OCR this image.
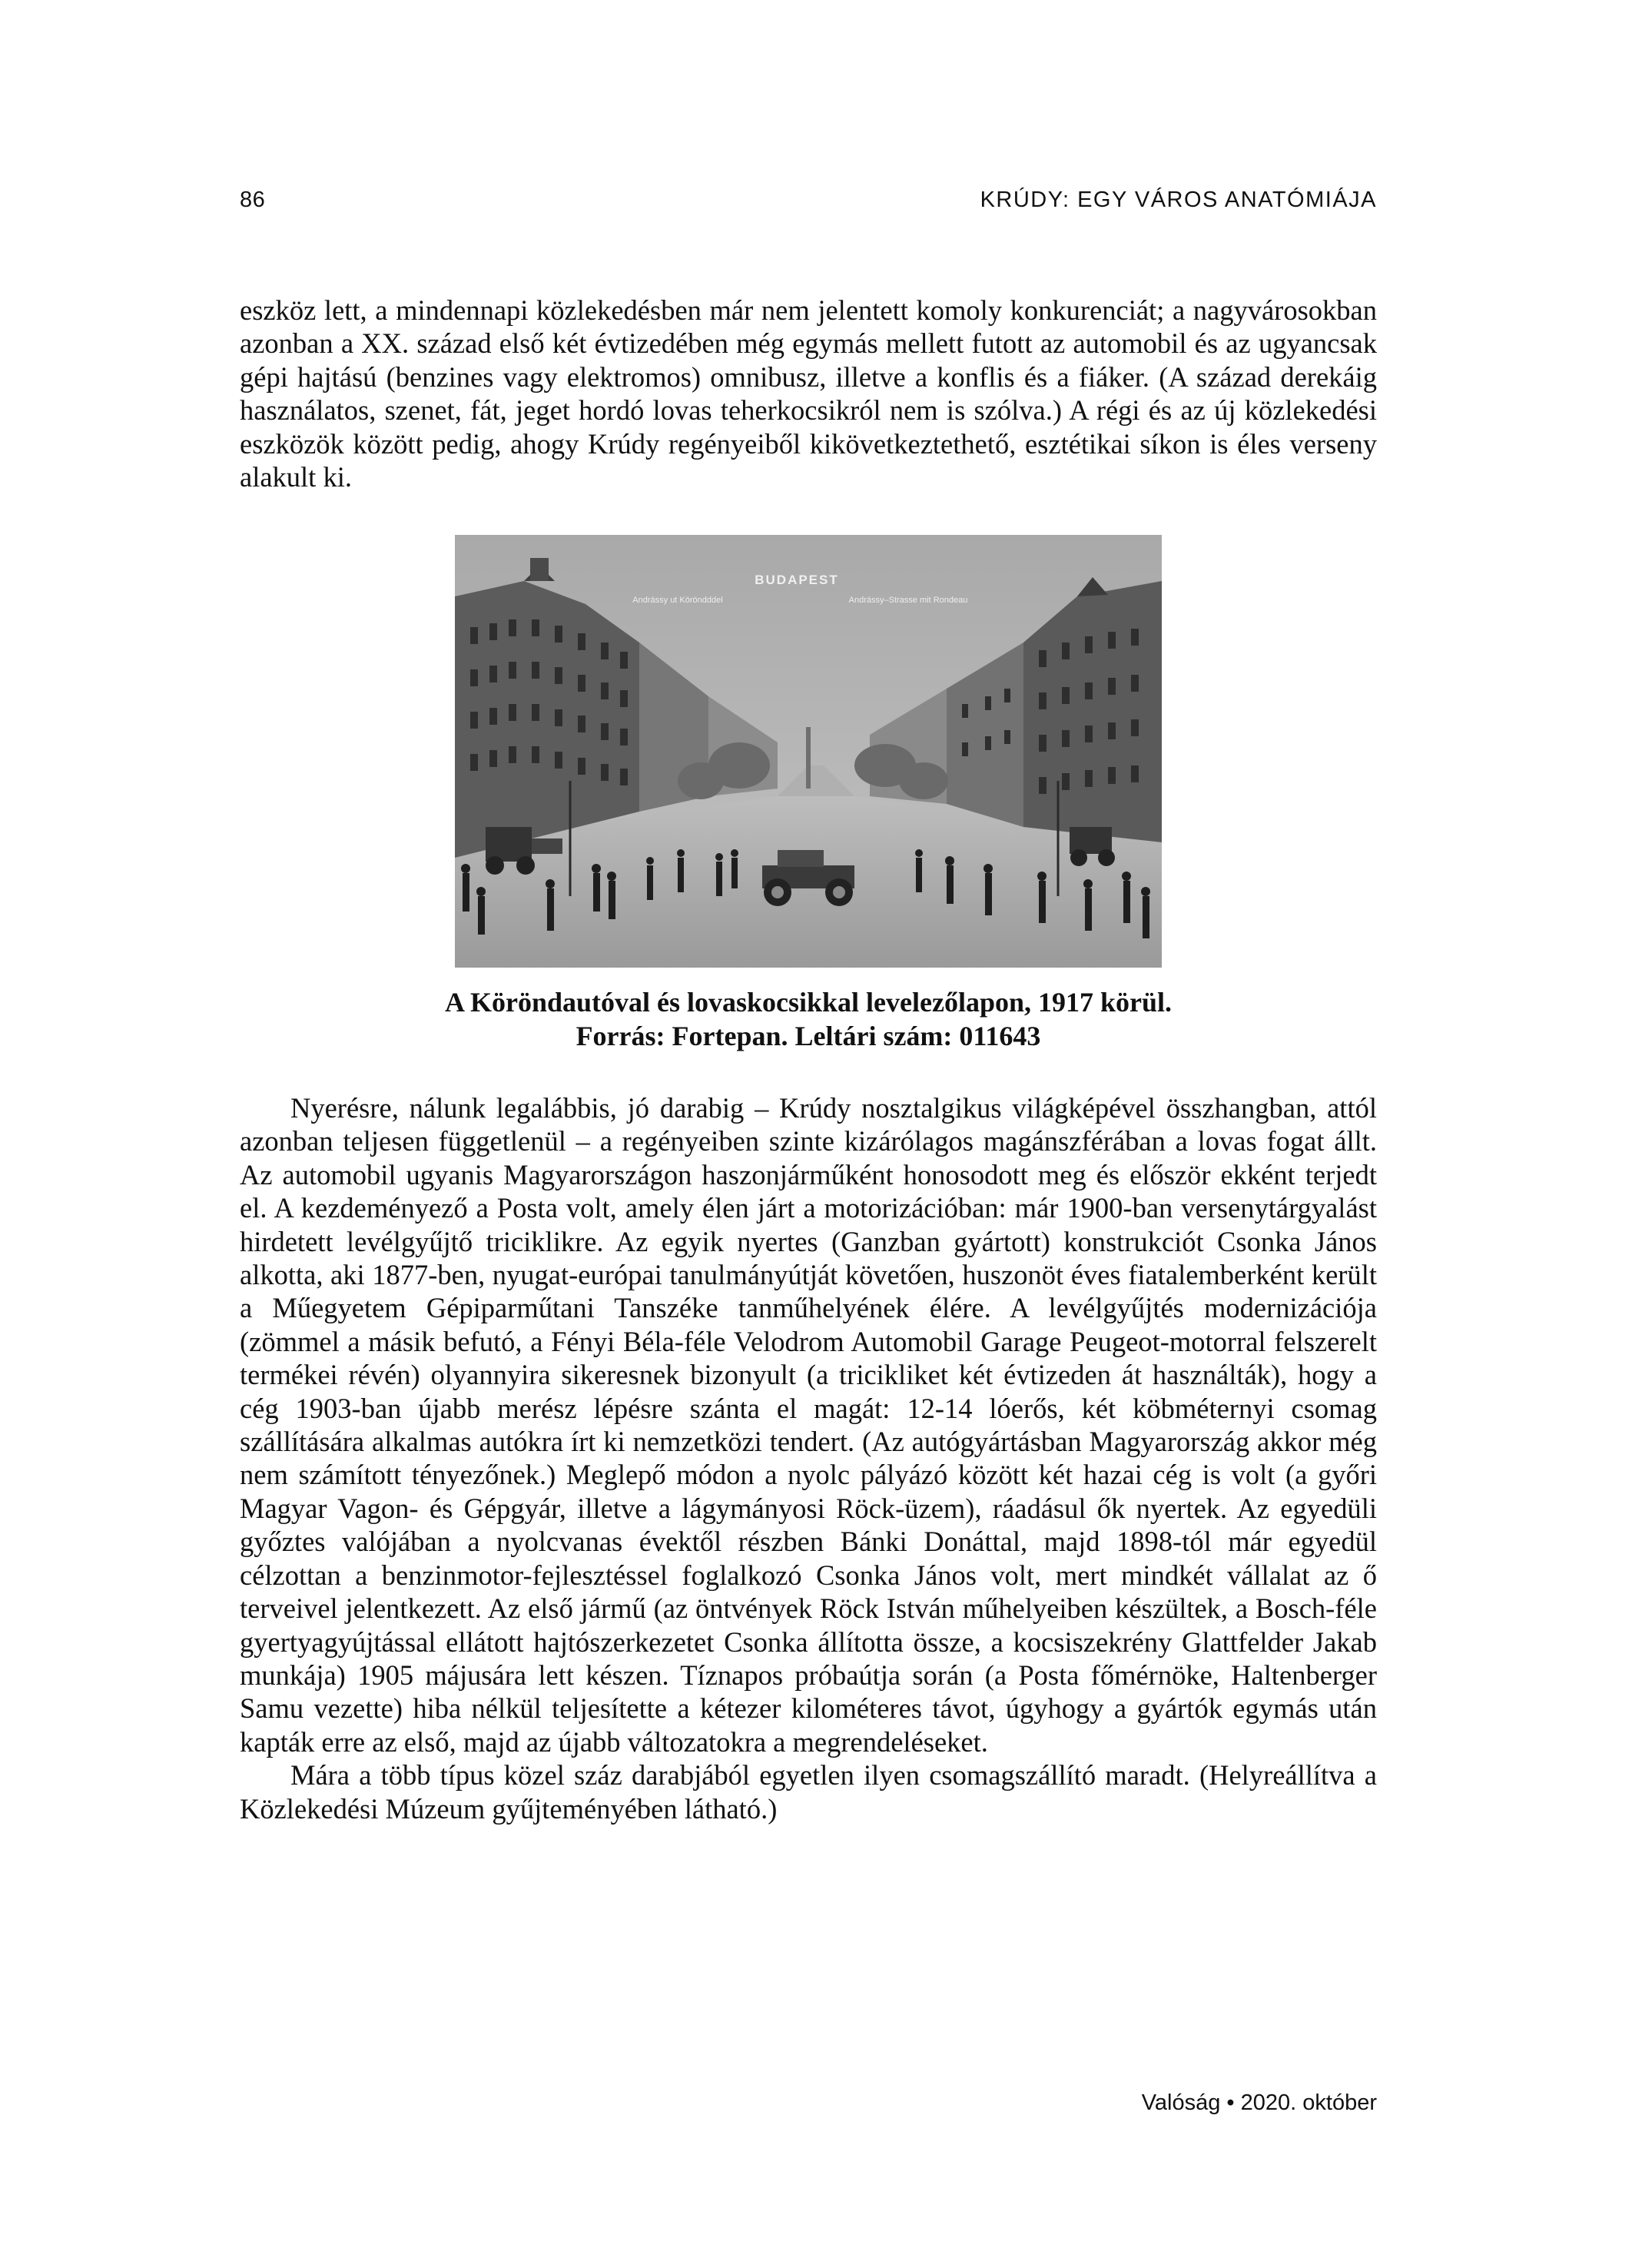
86	KRÚDY: EGY VÁROS ANATÓMIÁJA

eszköz lett, a mindennapi közlekedésben már nem jelentett komoly konkurenciát; a nagyvárosokban azonban a XX. század első két évtizedében még egymás mellett futott az automobil és az ugyancsak gépi hajtású (benzines vagy elektromos) omnibusz, illetve a konflis és a fiáker. (A század derekáig használatos, szenet, fát, jeget hordó lovas teherkocsikról nem is szólva.) A régi és az új közlekedési eszközök között pedig, ahogy Krúdy regényeiből kikövetkeztethető, esztétikai síkon is éles verseny alakult ki.

BUDAPEST
Andrássy ut Köröndddel	Andrássy–Strasse mit Rondeau
A Köröndautóval és lovaskocsikkal levelezőlapon, 1917 körül.
Forrás: Fortepan. Leltári szám: 011643

Nyerésre, nálunk legalábbis, jó darabig – Krúdy nosztalgikus világképével összhangban, attól azonban teljesen függetlenül – a regényeiben szinte kizárólagos magánszférában a lovas fogat állt. Az automobil ugyanis Magyarországon haszonjárműként honosodott meg és először ekként terjedt el. A kezdeményező a Posta volt, amely élen járt a motorizációban: már 1900-ban versenytárgyalást hirdetett levélgyűjtő triciklikre. Az egyik nyertes (Ganzban gyártott) konstrukciót Csonka János alkotta, aki 1877-ben, nyugat-európai tanulmányútját követően, huszonöt éves fiatalemberként került a Műegyetem Gépiparműtani Tanszéke tanműhelyének élére. A levélgyűjtés modernizációja (zömmel a másik befutó, a Fényi Béla-féle Velodrom Automobil Garage Peugeot-motorral felszerelt termékei révén) olyannyira sikeresnek bizonyult (a tricikliket két évtizeden át használták), hogy a cég 1903-ban újabb merész lépésre szánta el magát: 12-14 lóerős, két köbméternyi csomag szállítására alkalmas autókra írt ki nemzetközi tendert. (Az autógyártásban Magyarország akkor még nem számított tényezőnek.) Meglepő módon a nyolc pályázó között két hazai cég is volt (a győri Magyar Vagon- és Gépgyár, illetve a lágymányosi Röck-üzem), ráadásul ők nyertek. Az egyedüli győztes valójában a nyolcvanas évektől részben Bánki Donáttal, majd 1898-tól már egyedül célzottan a benzinmotor-fejlesztéssel foglalkozó Csonka János volt, mert mindkét vállalat az ő terveivel jelentkezett. Az első jármű (az öntvények Röck István műhelyeiben készültek, a Bosch-féle gyertyagyújtással ellátott hajtószerkezetet Csonka állította össze, a kocsiszekrény Glattfelder Jakab munkája) 1905 májusára lett készen. Tíznapos próbaútja során (a Posta főmérnöke, Haltenberger Samu vezette) hiba nélkül teljesítette a kétezer kilométeres távot, úgyhogy a gyártók egymás után kapták erre az első, majd az újabb változatokra a megrendeléseket.

Mára a több típus közel száz darabjából egyetlen ilyen csomagszállító maradt. (Helyreállítva a Közlekedési Múzeum gyűjteményében látható.)

Valóság • 2020. október
